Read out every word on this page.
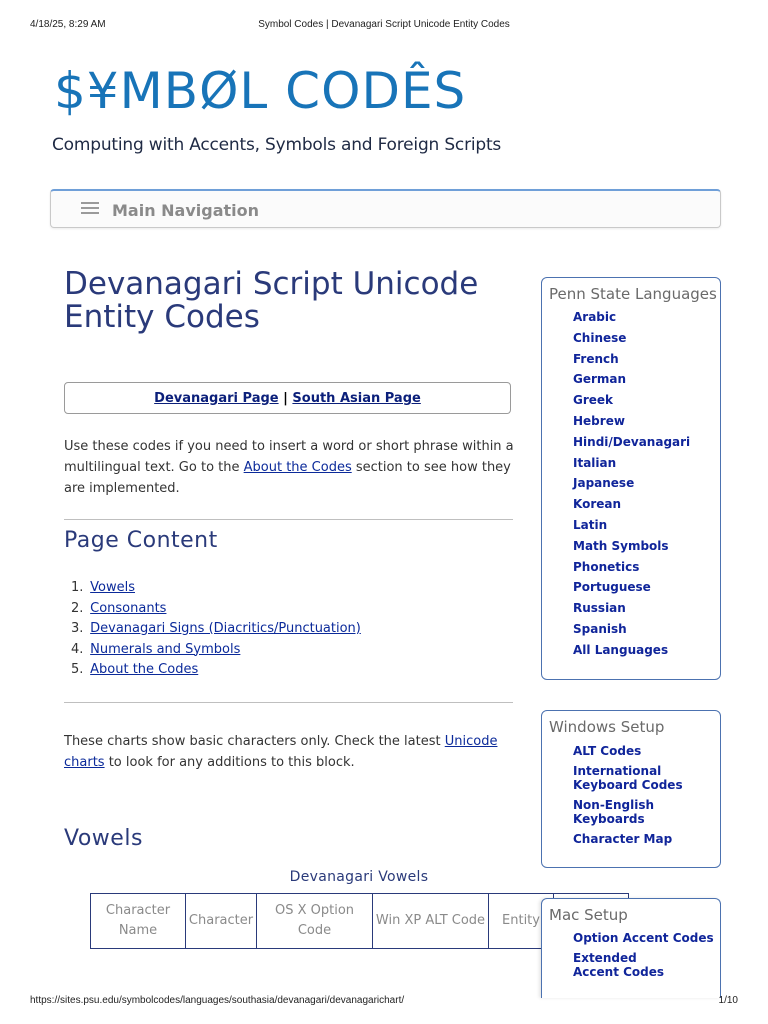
4/18/25, 8:29 AM	Symbol Codes | Devanagari Script Unicode Entity Codes
$¥MBØL CODÊS
Computing with Accents, Symbols and Foreign Scripts
Main Navigation
Devanagari Script Unicode Entity Codes
Devanagari Page | South Asian Page

Use these codes if you need to insert a word or short phrase within a multilingual text. Go to the About the Codes section to see how they are implemented.

Page Content
1. Vowels
2. Consonants
3. Devanagari Signs (Diacritics/Punctuation)
4. Numerals and Symbols
5. About the Codes

These charts show basic characters only. Check the latest Unicode charts to look for any additions to this block.

Vowels
Devanagari Vowels
Character Name	Character	OS X Option Code	Win XP ALT Code	Entity	
Penn State Languages
Arabic
Chinese
French
German
Greek
Hebrew
Hindi/Devanagari
Italian
Japanese
Korean
Latin
Math Symbols
Phonetics
Portuguese
Russian
Spanish
All Languages
Windows Setup
ALT Codes
International Keyboard Codes
Non-English Keyboards
Character Map
Mac Setup
Option Accent Codes
Extended Accent Codes
https://sites.psu.edu/symbolcodes/languages/southasia/devanagari/devanagarichart/	1/10
